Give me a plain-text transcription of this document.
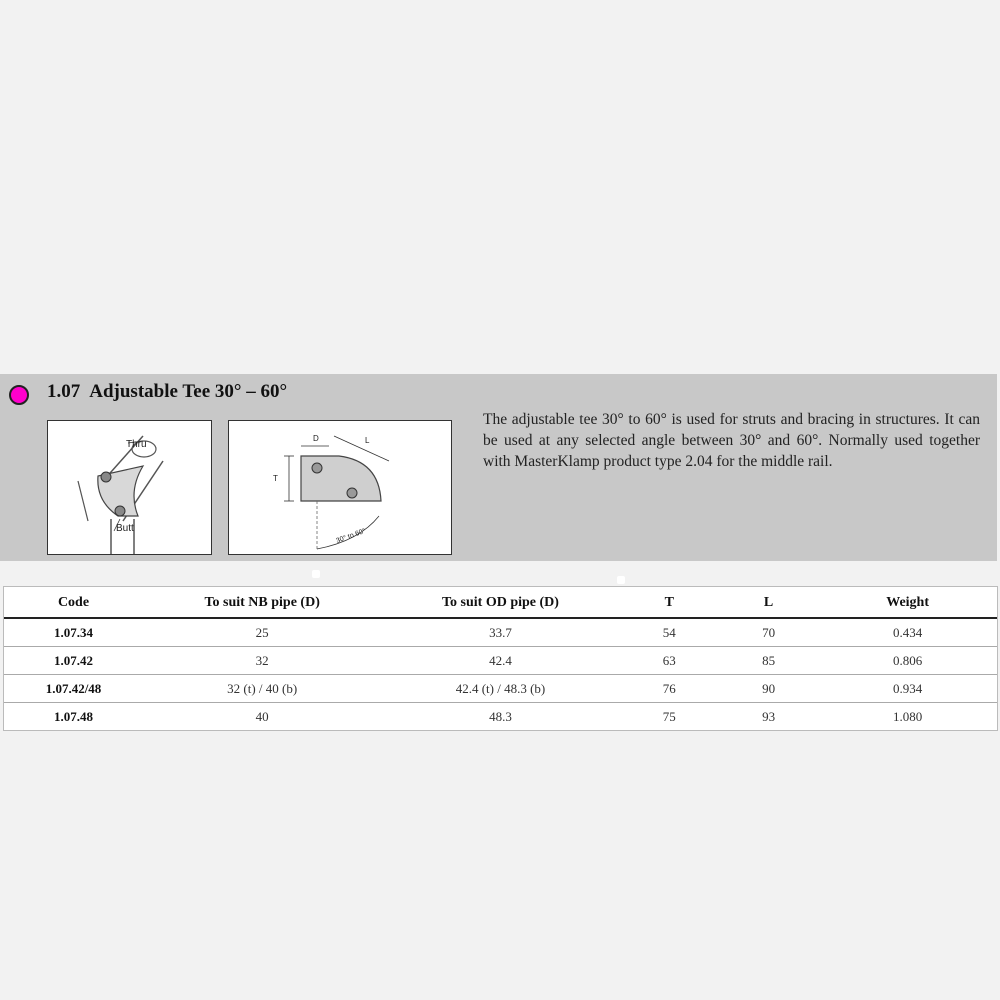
1.07 Adjustable Tee 30° – 60°
Thru
Butt
D	L
T
30° to 60°

The adjustable tee 30° to 60° is used for struts and bracing in structures. It can be used at any selected angle between 30° and 60°. Normally used together with MasterKlamp product type 2.04 for the middle rail.

Code	To suit NB pipe (D)	To suit OD pipe (D)	T	L	Weight
1.07.34	25	33.7	54	70	0.434
1.07.42	32	42.4	63	85	0.806
1.07.42/48	32 (t) / 40 (b)	42.4 (t) / 48.3 (b)	76	90	0.934
1.07.48	40	48.3	75	93	1.080
